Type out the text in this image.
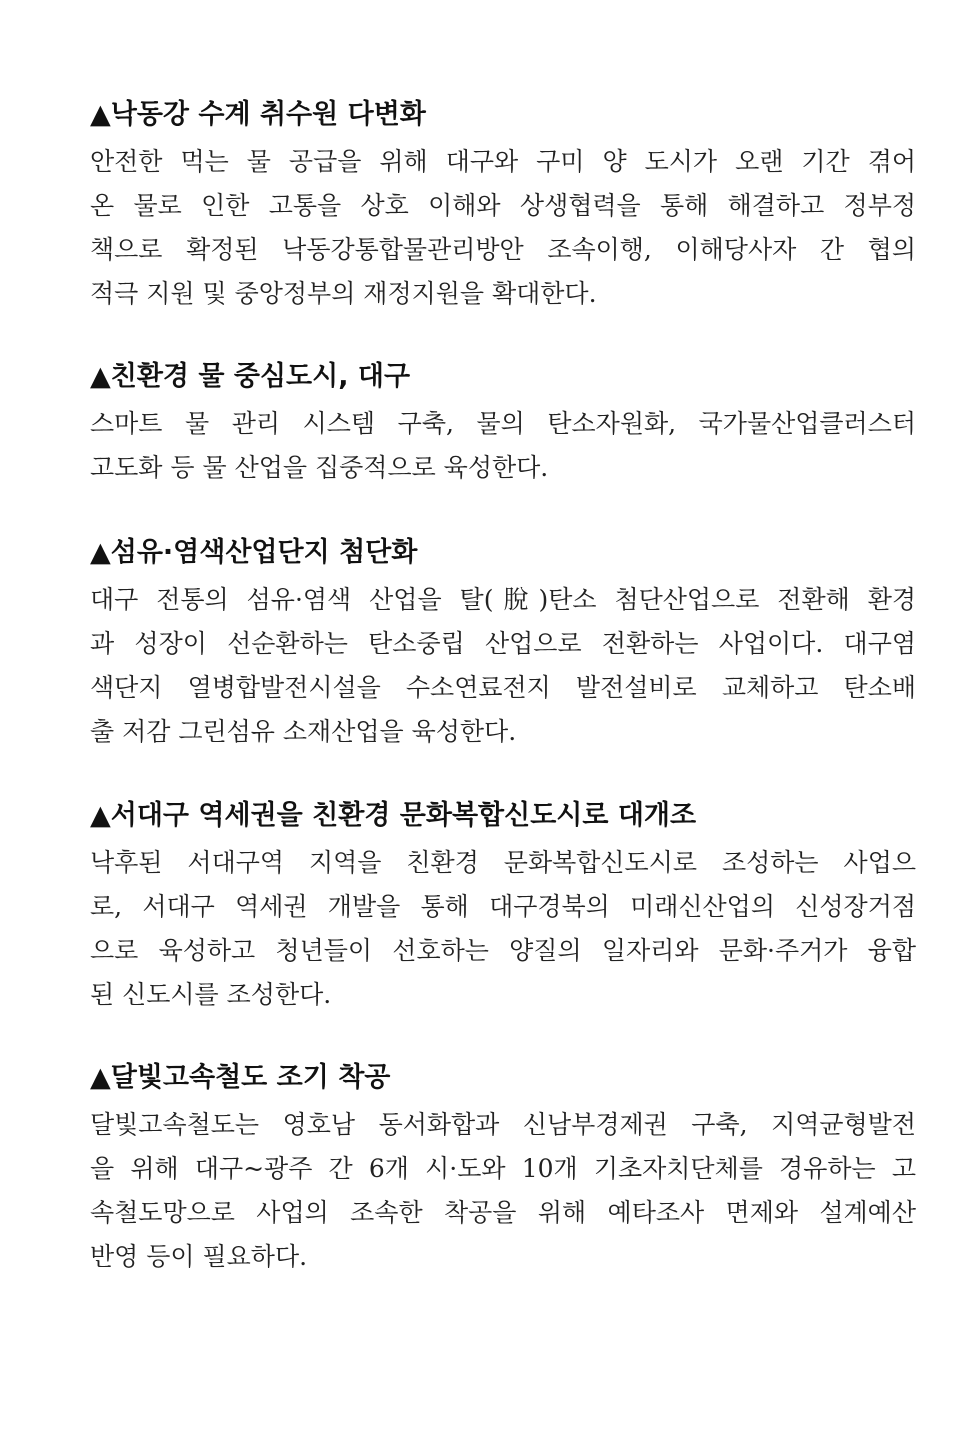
▲낙동강 수계 취수원 다변화
안전한 먹는 물 공급을 위해 대구와 구미 양 도시가 오랜 기간 겪어
온 물로 인한 고통을 상호 이해와 상생협력을 통해 해결하고 정부정
책으로 확정된 낙동강통합물관리방안 조속이행, 이해당사자 간 협의
적극 지원 및 중앙정부의 재정지원을 확대한다.
▲친환경 물 중심도시, 대구
스마트 물 관리 시스템 구축, 물의 탄소자원화, 국가물산업클러스터
고도화 등 물 산업을 집중적으로 육성한다.
▲섬유·염색산업단지 첨단화
대구 전통의 섬유·염색 산업을 탈(脫)탄소 첨단산업으로 전환해 환경
과 성장이 선순환하는 탄소중립 산업으로 전환하는 사업이다. 대구염
색단지 열병합발전시설을 수소연료전지 발전설비로 교체하고 탄소배
출 저감 그린섬유 소재산업을 육성한다.
▲서대구 역세권을 친환경 문화복합신도시로 대개조
낙후된 서대구역 지역을 친환경 문화복합신도시로 조성하는 사업으
로, 서대구 역세권 개발을 통해 대구경북의 미래신산업의 신성장거점
으로 육성하고 청년들이 선호하는 양질의 일자리와 문화·주거가 융합
된 신도시를 조성한다.
▲달빛고속철도 조기 착공
달빛고속철도는 영호남 동서화합과 신남부경제권 구축, 지역균형발전
을 위해 대구~광주 간 6개 시·도와 10개 기초자치단체를 경유하는 고
속철도망으로 사업의 조속한 착공을 위해 예타조사 면제와 설계예산
반영 등이 필요하다.
